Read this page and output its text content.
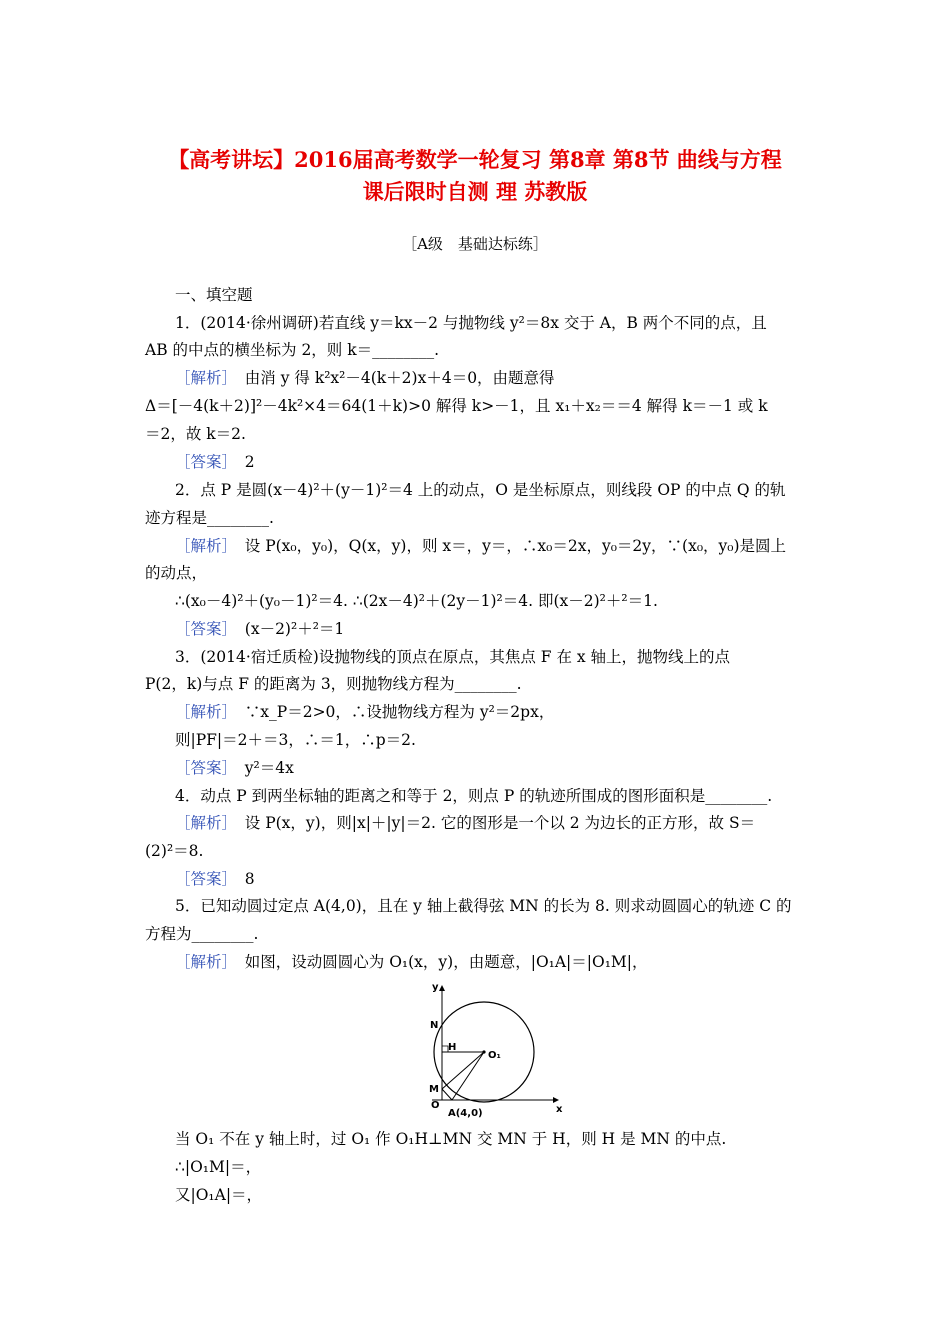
【高考讲坛】2016届高考数学一轮复习 第8章 第8节 曲线与方程
课后限时自测 理 苏教版
［A级　基础达标练］
一、填空题
1．(2014·徐州调研)若直线 y＝kx－2 与抛物线 y²＝8x 交于 A，B 两个不同的点，且
AB 的中点的横坐标为 2，则 k＝________.
［解析］　 由消 y 得 k²x²－4(k＋2)x＋4＝0，由题意得
Δ＝[－4(k＋2)]²－4k²×4＝64(1＋k)>0 解得 k>－1，且 x₁＋x₂＝＝4 解得 k＝－1 或 k
＝2，故 k＝2.
［答案］　 2
2．点 P 是圆(x－4)²＋(y－1)²＝4 上的动点，O 是坐标原点，则线段 OP 的中点 Q 的轨
迹方程是________.
［解析］　 设 P(x₀，y₀)，Q(x，y)，则 x＝，y＝，∴x₀＝2x，y₀＝2y，∵(x₀，y₀)是圆上
的动点，
∴(x₀－4)²＋(y₀－1)²＝4. ∴(2x－4)²＋(2y－1)²＝4. 即(x－2)²＋²＝1.
［答案］　 (x－2)²＋²＝1
3．(2014·宿迁质检)设抛物线的顶点在原点，其焦点 F 在 x 轴上，抛物线上的点
P(2，k)与点 F 的距离为 3，则抛物线方程为________.
［解析］　 ∵x_P＝2>0，∴设抛物线方程为 y²＝2px，
则|PF|＝2＋＝3，∴＝1，∴p＝2.
［答案］　 y²＝4x
4．动点 P 到两坐标轴的距离之和等于 2，则点 P 的轨迹所围成的图形面积是________.
［解析］　 设 P(x，y)，则|x|＋|y|＝2. 它的图形是一个以 2 为边长的正方形，故 S＝
(2)²＝8.
［答案］　 8
5．已知动圆过定点 A(4,0)，且在 y 轴上截得弦 MN 的长为 8. 则求动圆圆心的轨迹 C 的
方程为________.
［解析］　 如图，设动圆圆心为 O₁(x，y)，由题意，|O₁A|＝|O₁M|，
y
x
N
H
O₁
M
O
A(4,0)
当 O₁ 不在 y 轴上时，过 O₁ 作 O₁H⊥MN 交 MN 于 H，则 H 是 MN 的中点.
∴|O₁M|＝，
又|O₁A|＝，
